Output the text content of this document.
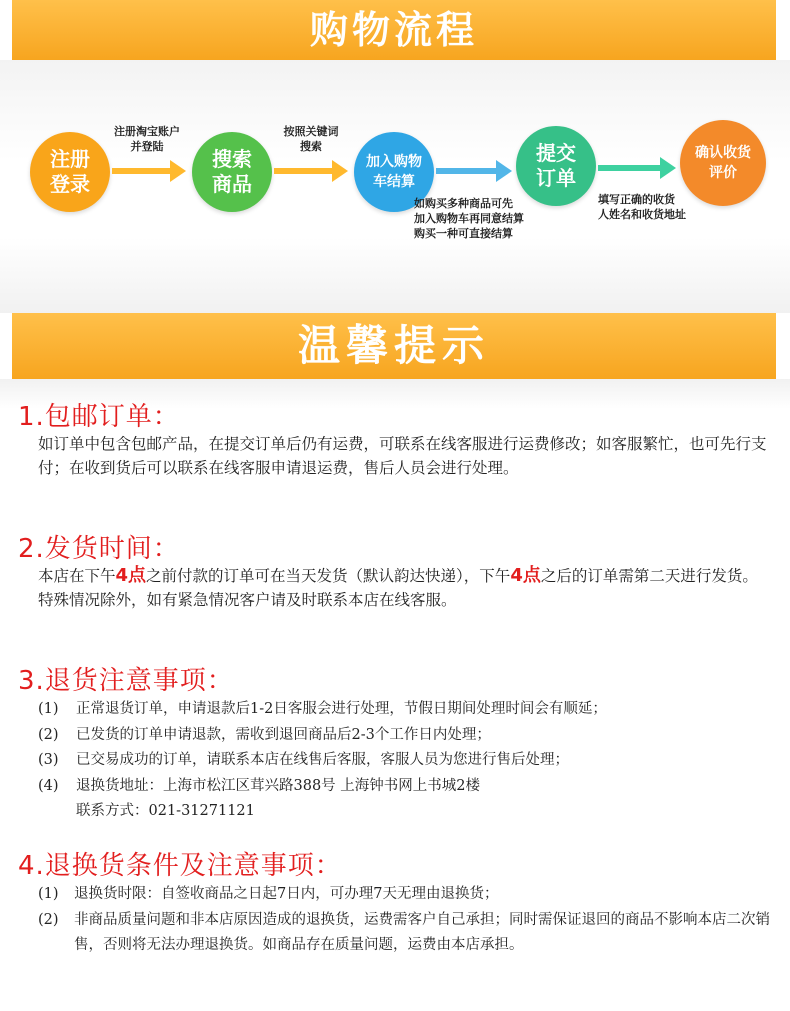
购物流程
注册
登录
搜索
商品
加入购物
车结算
提交
订单
确认收货
评价
注册淘宝账户
并登陆
按照关键词
搜索
如购买多种商品可先
加入购物车再同意结算
购买一种可直接结算
填写正确的收货
人姓名和收货地址
温馨提示
1.包邮订单：
如订单中包含包邮产品，在提交订单后仍有运费，可联系在线客服进行运费修改；如客服繁忙，也可先行支付；在收到货后可以联系在线客服申请退运费，售后人员会进行处理。
2.发货时间：
本店在下午4点之前付款的订单可在当天发货（默认韵达快递），下午4点之后的订单需第二天进行发货。特殊情况除外，如有紧急情况客户请及时联系本店在线客服。
3.退货注意事项：
(1)	正常退货订单，申请退款后1-2日客服会进行处理，节假日期间处理时间会有顺延；
(2)	已发货的订单申请退款，需收到退回商品后2-3个工作日内处理；
(3)	已交易成功的订单，请联系本店在线售后客服，客服人员为您进行售后处理；
(4)	退换货地址：上海市松江区茸兴路388号 上海钟书网上书城2楼
联系方式：021-31271121
4.退换货条件及注意事项：
(1)	退换货时限：自签收商品之日起7日内，可办理7天无理由退换货；
(2)	非商品质量问题和非本店原因造成的退换货，运费需客户自己承担；同时需保证退回的商品不影响本店二次销售，否则将无法办理退换货。如商品存在质量问题，运费由本店承担。
